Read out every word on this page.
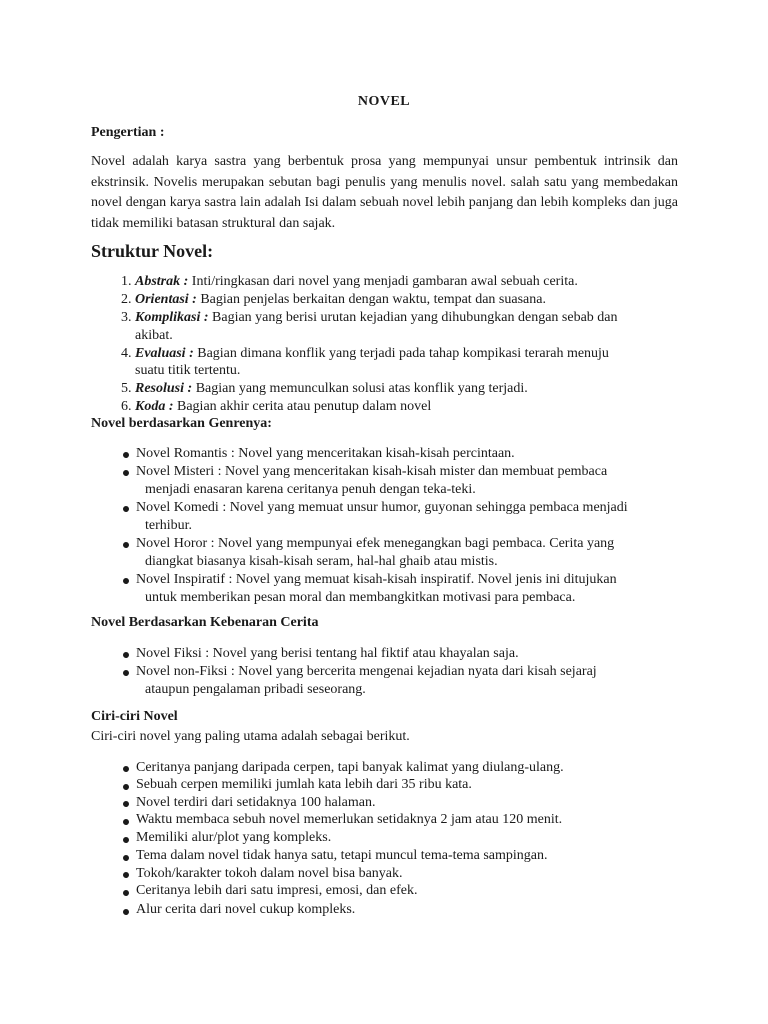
NOVEL
Pengertian :
Novel adalah karya sastra yang berbentuk prosa yang mempunyai unsur pembentuk intrinsik dan ekstrinsik. Novelis merupakan sebutan bagi penulis yang menulis novel. salah satu yang membedakan novel dengan karya sastra lain adalah Isi dalam sebuah novel lebih panjang dan lebih kompleks dan juga tidak memiliki batasan struktural dan sajak.
Struktur Novel:
1. Abstrak : Inti/ringkasan dari novel yang menjadi gambaran awal sebuah cerita.
2. Orientasi : Bagian penjelas berkaitan dengan waktu, tempat dan suasana.
3. Komplikasi : Bagian yang berisi urutan kejadian yang dihubungkan dengan sebab dan
akibat.
4. Evaluasi : Bagian dimana konflik yang terjadi pada tahap kompikasi terarah menuju
suatu titik tertentu.
5. Resolusi : Bagian yang memunculkan solusi atas konflik yang terjadi.
6. Koda : Bagian akhir cerita atau penutup dalam novel
Novel berdasarkan Genrenya:
Novel Romantis : Novel yang menceritakan kisah-kisah percintaan.
Novel Misteri : Novel yang menceritakan kisah-kisah mister dan membuat pembaca
menjadi enasaran karena ceritanya penuh dengan teka-teki.
Novel Komedi : Novel yang memuat unsur humor, guyonan sehingga pembaca menjadi
terhibur.
Novel Horor : Novel yang mempunyai efek menegangkan bagi pembaca. Cerita yang
diangkat biasanya kisah-kisah seram, hal-hal ghaib atau mistis.
Novel Inspiratif : Novel yang memuat kisah-kisah inspiratif. Novel jenis ini ditujukan
untuk memberikan pesan moral dan membangkitkan motivasi para pembaca.
Novel Berdasarkan Kebenaran Cerita
Novel Fiksi : Novel yang berisi tentang hal fiktif atau khayalan saja.
Novel non-Fiksi : Novel yang bercerita mengenai kejadian nyata dari kisah sejaraj
ataupun pengalaman pribadi seseorang.
Ciri-ciri Novel
Ciri-ciri novel yang paling utama adalah sebagai berikut.
Ceritanya panjang daripada cerpen, tapi banyak kalimat yang diulang-ulang.
Sebuah cerpen memiliki jumlah kata lebih dari 35 ribu kata.
Novel terdiri dari setidaknya 100 halaman.
Waktu membaca sebuh novel memerlukan setidaknya 2 jam atau 120 menit.
Memiliki alur/plot yang kompleks.
Tema dalam novel tidak hanya satu, tetapi muncul tema-tema sampingan.
Tokoh/karakter tokoh dalam novel bisa banyak.
Ceritanya lebih dari satu impresi, emosi, dan efek.
Alur cerita dari novel cukup kompleks.
